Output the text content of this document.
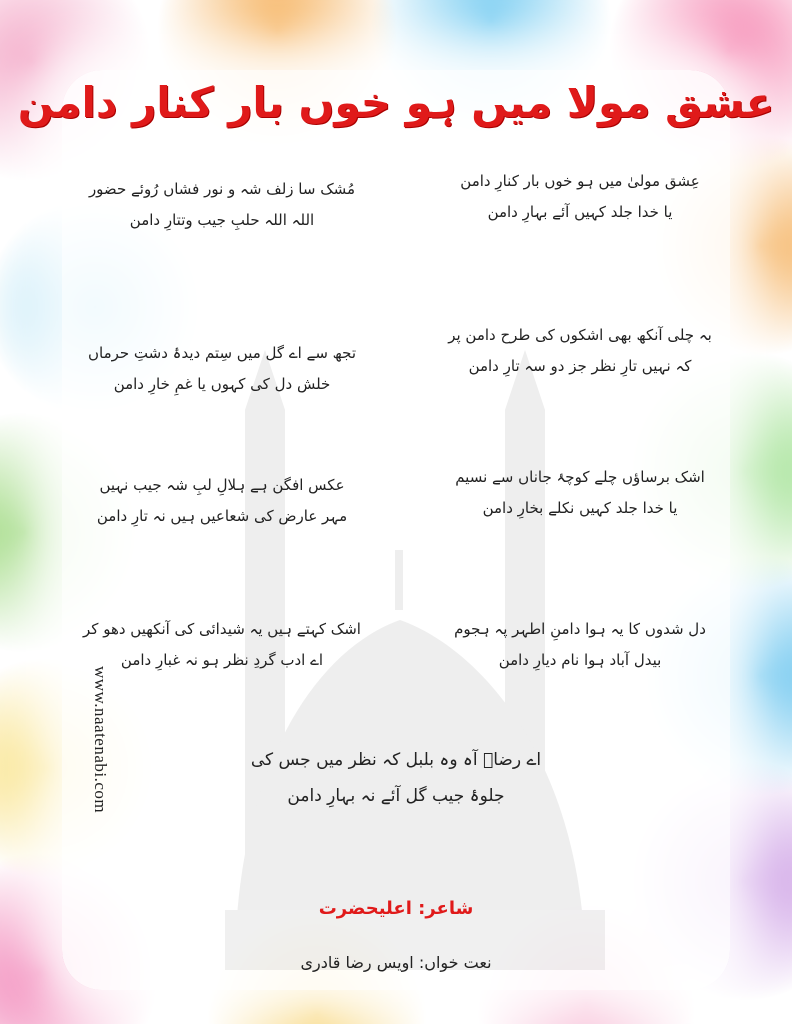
عشق مولا میں ہو خوں بار کنار دامن
عِشق مولیٰ میں ہو خوں بار کنارِ دامن
یا خدا جلد کہیں آئے بہارِ دامن
مُشک سا زلف شہ و نور فشاں رُوئے حضور
اللہ اللہ حلبِ جیب وتتارِ دامن
بہ چلی آنکھ بھی اشکوں کی طرح دامن پر
کہ نہیں تارِ نظر جز دو سہ تارِ دامن
تجھ سے اے گل میں سِتم دیدۂ دشتِ حرماں
خلش دل کی کہوں یا غمِ خارِ دامن
اشک برساؤں چلے کوچۂ جاناں سے نسیم
یا خدا جلد کہیں نکلے بخارِ دامن
عکس افگن ہے ہلالِ لبِ شہ جیب نہیں
مہر عارض کی شعاعیں ہیں نہ تارِ دامن
دل شدوں کا یہ ہوا دامنِ اطہر پہ ہجوم
بیدل آباد ہوا نام دیارِ دامن
اشک کہتے ہیں یہ شیدائی کی آنکھیں دھو کر
اے ادب گردِ نظر ہو نہ غبارِ دامن
اے رضاؔ آہ وہ بلبل کہ نظر میں جس کی
جلوۂ جیب گل آئے نہ بہارِ دامن
شاعر: اعلیحضرت
نعت خواں: اویس رضا قادری
www.naatenabi.com
